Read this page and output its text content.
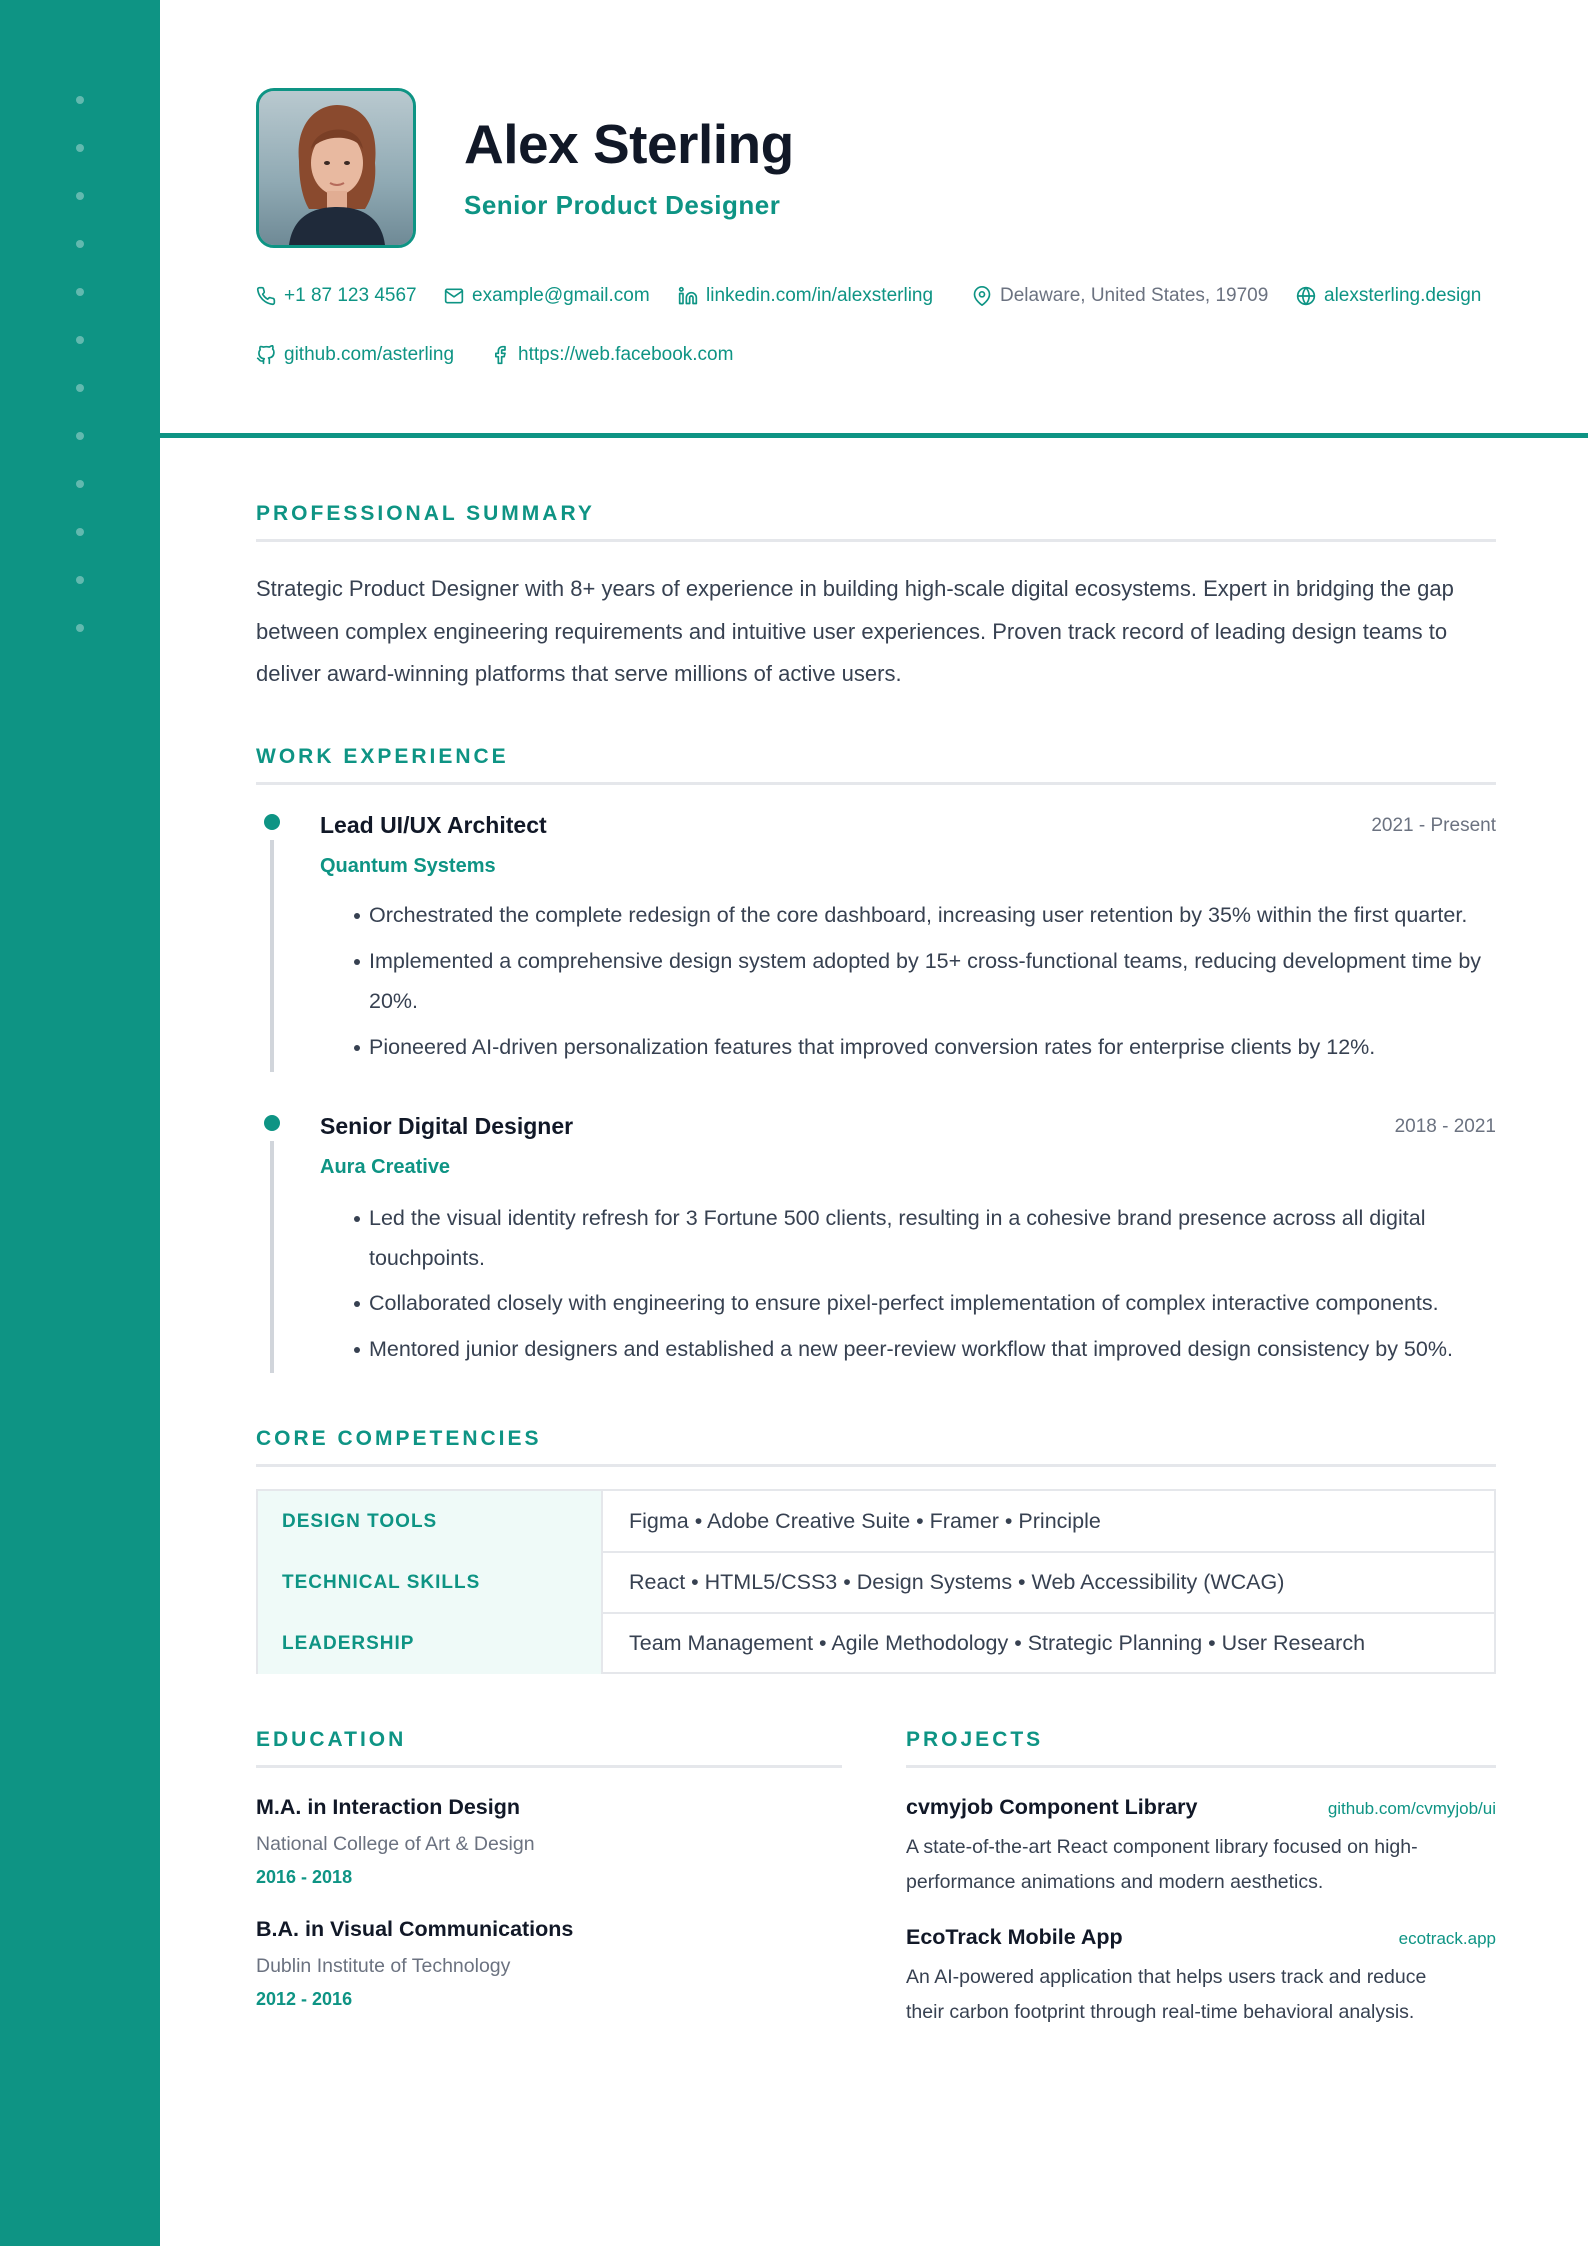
Alex Sterling
Senior Product Designer
+1 87 123 4567	example@gmail.com	linkedin.com/in/alexsterling	Delaware, United States, 19709	alexsterling.design
github.com/asterling	https://web.facebook.com
PROFESSIONAL SUMMARY
Strategic Product Designer with 8+ years of experience in building high-scale digital ecosystems. Expert in bridging the gap between complex engineering requirements and intuitive user experiences. Proven track record of leading design teams to deliver award-winning platforms that serve millions of active users.
WORK EXPERIENCE
Lead UI/UX Architect	2021 - Present
Quantum Systems
Orchestrated the complete redesign of the core dashboard, increasing user retention by 35% within the first quarter.
Implemented a comprehensive design system adopted by 15+ cross-functional teams, reducing development time by 20%.
Pioneered AI-driven personalization features that improved conversion rates for enterprise clients by 12%.
Senior Digital Designer	2018 - 2021
Aura Creative
Led the visual identity refresh for 3 Fortune 500 clients, resulting in a cohesive brand presence across all digital touchpoints.
Collaborated closely with engineering to ensure pixel-perfect implementation of complex interactive components.
Mentored junior designers and established a new peer-review workflow that improved design consistency by 50%.
CORE COMPETENCIES
DESIGN TOOLS	Figma • Adobe Creative Suite • Framer • Principle
TECHNICAL SKILLS	React • HTML5/CSS3 • Design Systems • Web Accessibility (WCAG)
LEADERSHIP	Team Management • Agile Methodology • Strategic Planning • User Research
EDUCATION
M.A. in Interaction Design
National College of Art & Design
2016 - 2018
B.A. in Visual Communications
Dublin Institute of Technology
2012 - 2016
PROJECTS
cvmyjob Component Library	github.com/cvmyjob/ui
A state-of-the-art React component library focused on high-performance animations and modern aesthetics.
EcoTrack Mobile App	ecotrack.app
An AI-powered application that helps users track and reduce their carbon footprint through real-time behavioral analysis.
